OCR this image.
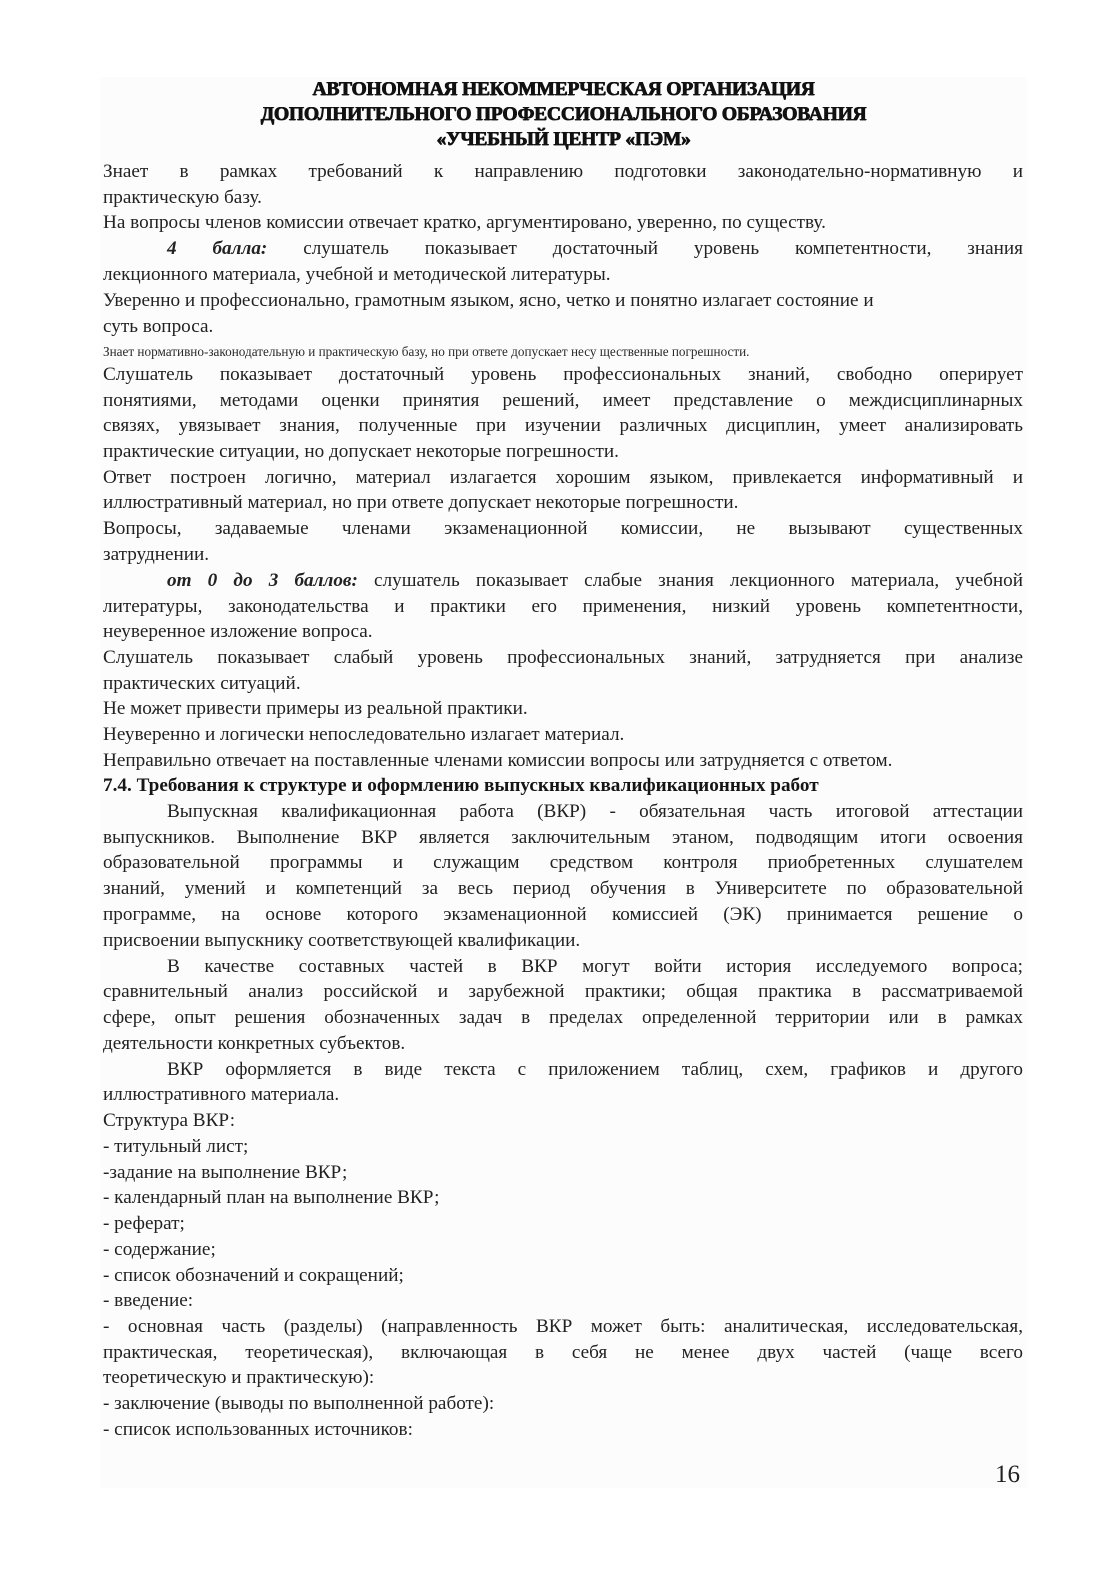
АВТОНОМНАЯ НЕКОММЕРЧЕСКАЯ ОРГАНИЗАЦИЯ
ДОПОЛНИТЕЛЬНОГО ПРОФЕССИОНАЛЬНОГО ОБРАЗОВАНИЯ
«УЧЕБНЫЙ ЦЕНТР «ПЭМ»
Знает в рамках требований к направлению подготовки законодательно-нормативную и
практическую базу.
На вопросы членов комиссии отвечает кратко, аргументировано, уверенно, по существу.
4 балла: слушатель показывает достаточный уровень компетентности, знания
лекционного материала, учебной и методической литературы.
Уверенно и профессионально, грамотным языком, ясно, четко и понятно излагает состояние и
суть вопроса.
Знает нормативно-законодательную и практическую базу, но при ответе допускает несу щественные погрешности.
Слушатель показывает достаточный уровень профессиональных знаний, свободно оперирует
понятиями, методами оценки принятия решений, имеет представление о междисциплинарных
связях, увязывает знания, полученные при изучении различных дисциплин, умеет анализировать
практические ситуации, но допускает некоторые погрешности.
Ответ построен логично, материал излагается хорошим языком, привлекается информативный и
иллюстративный материал, но при ответе допускает некоторые погрешности.
Вопросы, задаваемые членами экзаменационной комиссии, не вызывают существенных
затруднении.
от 0 до 3 баллов: слушатель показывает слабые знания лекционного материала, учебной
литературы, законодательства и практики его применения, низкий уровень компетентности,
неуверенное изложение вопроса.
Слушатель показывает слабый уровень профессиональных знаний, затрудняется при анализе
практических ситуаций.
Не может привести примеры из реальной практики.
Неуверенно и логически непоследовательно излагает материал.
Неправильно отвечает на поставленные членами комиссии вопросы или затрудняется с ответом.
7.4. Требования к структуре и оформлению выпускных квалификационных работ
Выпускная квалификационная работа (ВКР) - обязательная часть итоговой аттестации
выпускников. Выполнение ВКР является заключительным этаном, подводящим итоги освоения
образовательной программы и служащим средством контроля приобретенных слушателем
знаний, умений и компетенций за весь период обучения в Университете по образовательной
программе, на основе которого экзаменационной комиссией (ЭК) принимается решение о
присвоении выпускнику соответствующей квалификации.
В качестве составных частей в ВКР могут войти история исследуемого вопроса;
сравнительный анализ российской и зарубежной практики; общая практика в рассматриваемой
сфере, опыт решения обозначенных задач в пределах определенной территории или в рамках
деятельности конкретных субъектов.
ВКР оформляется в виде текста с приложением таблиц, схем, графиков и другого
иллюстративного материала.
Структура ВКР:
- титульный лист;
-задание на выполнение ВКР;
- календарный план на выполнение ВКР;
- реферат;
- содержание;
- список обозначений и сокращений;
- введение:
- основная часть (разделы) (направленность ВКР может быть: аналитическая, исследовательская,
практическая, теоретическая), включающая в себя не менее двух частей (чаще всего
теоретическую и практическую):
- заключение (выводы по выполненной работе):
- список использованных источников:
16
